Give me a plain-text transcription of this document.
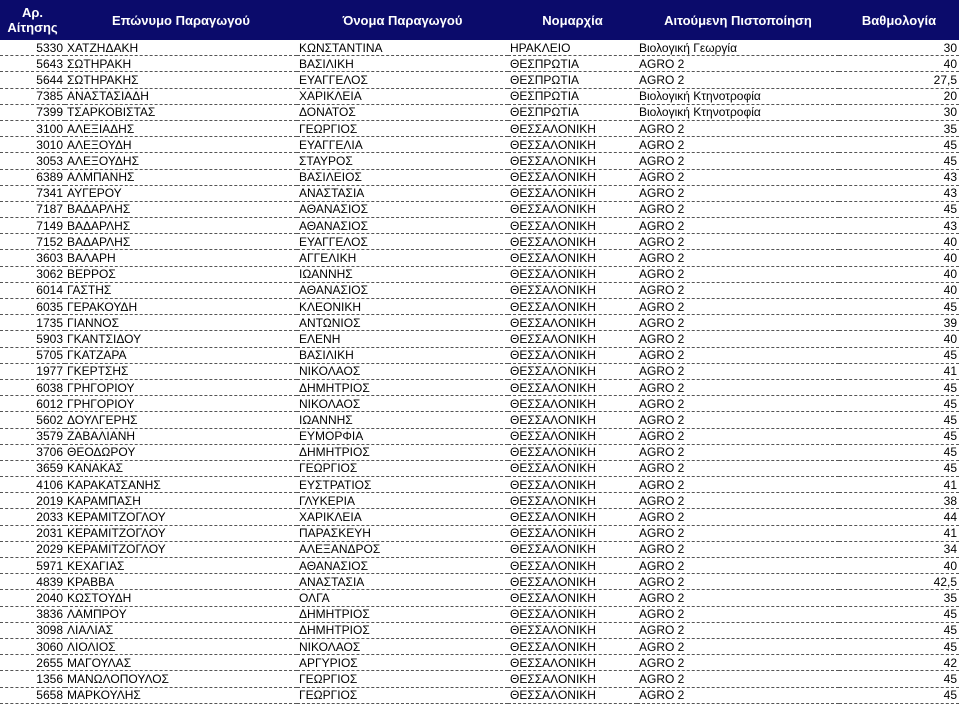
Αρ. Αίτησης	Επώνυμο Παραγωγού	Όνομα Παραγωγού	Νομαρχία	Αιτούμενη Πιστοποίηση	Βαθμολογία
5330	ΧΑΤΖΗΔΑΚΗ	ΚΩΝΣΤΑΝΤΙΝΑ	ΗΡΑΚΛΕΙΟ	Βιολογική Γεωργία	30
5643	ΣΩΤΗΡΑΚΗ	ΒΑΣΙΛΙΚΗ	ΘΕΣΠΡΩΤΙΑ	AGRO 2	40
5644	ΣΩΤΗΡΑΚΗΣ	ΕΥΑΓΓΕΛΟΣ	ΘΕΣΠΡΩΤΙΑ	AGRO 2	27,5
7385	ΑΝΑΣΤΑΣΙΑΔΗ	ΧΑΡΙΚΛΕΙΑ	ΘΕΣΠΡΩΤΙΑ	Βιολογική Κτηνοτροφία	20
7399	ΤΣΑΡΚΟΒΙΣΤΑΣ	ΔΟΝΑΤΟΣ	ΘΕΣΠΡΩΤΙΑ	Βιολογική Κτηνοτροφία	30
3100	ΑΛΕΞΙΑΔΗΣ	ΓΕΩΡΓΙΟΣ	ΘΕΣΣΑΛΟΝΙΚΗ	AGRO 2	35
3010	ΑΛΕΞΟΥΔΗ	ΕΥΑΓΓΕΛΙΑ	ΘΕΣΣΑΛΟΝΙΚΗ	AGRO 2	45
3053	ΑΛΕΞΟΥΔΗΣ	ΣΤΑΥΡΟΣ	ΘΕΣΣΑΛΟΝΙΚΗ	AGRO 2	45
6389	ΑΛΜΠΑΝΗΣ	ΒΑΣΙΛΕΙΟΣ	ΘΕΣΣΑΛΟΝΙΚΗ	AGRO 2	43
7341	ΑΥΓΕΡΟΥ	ΑΝΑΣΤΑΣΙΑ	ΘΕΣΣΑΛΟΝΙΚΗ	AGRO 2	43
7187	ΒΑΔΑΡΛΗΣ	ΑΘΑΝΑΣΙΟΣ	ΘΕΣΣΑΛΟΝΙΚΗ	AGRO 2	45
7149	ΒΑΔΑΡΛΗΣ	ΑΘΑΝΑΣΙΟΣ	ΘΕΣΣΑΛΟΝΙΚΗ	AGRO 2	43
7152	ΒΑΔΑΡΛΗΣ	ΕΥΑΓΓΕΛΟΣ	ΘΕΣΣΑΛΟΝΙΚΗ	AGRO 2	40
3603	ΒΑΛΑΡΗ	ΑΓΓΕΛΙΚΗ	ΘΕΣΣΑΛΟΝΙΚΗ	AGRO 2	40
3062	ΒΕΡΡΟΣ	ΙΩΑΝΝΗΣ	ΘΕΣΣΑΛΟΝΙΚΗ	AGRO 2	40
6014	ΓΑΣΤΗΣ	ΑΘΑΝΑΣΙΟΣ	ΘΕΣΣΑΛΟΝΙΚΗ	AGRO 2	40
6035	ΓΕΡΑΚΟΥΔΗ	ΚΛΕΟΝΙΚΗ	ΘΕΣΣΑΛΟΝΙΚΗ	AGRO 2	45
1735	ΓΙΑΝΝΟΣ	ΑΝΤΩΝΙΟΣ	ΘΕΣΣΑΛΟΝΙΚΗ	AGRO 2	39
5903	ΓΚΑΝΤΣΙΔΟΥ	ΕΛΕΝΗ	ΘΕΣΣΑΛΟΝΙΚΗ	AGRO 2	40
5705	ΓΚΑΤΖΑΡΑ	ΒΑΣΙΛΙΚΗ	ΘΕΣΣΑΛΟΝΙΚΗ	AGRO 2	45
1977	ΓΚΕΡΤΣΗΣ	ΝΙΚΟΛΑΟΣ	ΘΕΣΣΑΛΟΝΙΚΗ	AGRO 2	41
6038	ΓΡΗΓΟΡΙΟΥ	ΔΗΜΗΤΡΙΟΣ	ΘΕΣΣΑΛΟΝΙΚΗ	AGRO 2	45
6012	ΓΡΗΓΟΡΙΟΥ	ΝΙΚΟΛΑΟΣ	ΘΕΣΣΑΛΟΝΙΚΗ	AGRO 2	45
5602	ΔΟΥΛΓΕΡΗΣ	ΙΩΑΝΝΗΣ	ΘΕΣΣΑΛΟΝΙΚΗ	AGRO 2	45
3579	ΖΑΒΑΛΙΑΝΗ	ΕΥΜΟΡΦΙΑ	ΘΕΣΣΑΛΟΝΙΚΗ	AGRO 2	45
3706	ΘΕΟΔΩΡΟΥ	ΔΗΜΗΤΡΙΟΣ	ΘΕΣΣΑΛΟΝΙΚΗ	AGRO 2	45
3659	ΚΑΝΑΚΑΣ	ΓΕΩΡΓΙΟΣ	ΘΕΣΣΑΛΟΝΙΚΗ	AGRO 2	45
4106	ΚΑΡΑΚΑΤΣΑΝΗΣ	ΕΥΣΤΡΑΤΙΟΣ	ΘΕΣΣΑΛΟΝΙΚΗ	AGRO 2	41
2019	ΚΑΡΑΜΠΑΣΗ	ΓΛΥΚΕΡΙΑ	ΘΕΣΣΑΛΟΝΙΚΗ	AGRO 2	38
2033	ΚΕΡΑΜΙΤΖΟΓΛΟΥ	ΧΑΡΙΚΛΕΙΑ	ΘΕΣΣΑΛΟΝΙΚΗ	AGRO 2	44
2031	ΚΕΡΑΜΙΤΖΟΓΛΟΥ	ΠΑΡΑΣΚΕΥΗ	ΘΕΣΣΑΛΟΝΙΚΗ	AGRO 2	41
2029	ΚΕΡΑΜΙΤΖΟΓΛΟΥ	ΑΛΕΞΑΝΔΡΟΣ	ΘΕΣΣΑΛΟΝΙΚΗ	AGRO 2	34
5971	ΚΕΧΑΓΙΑΣ	ΑΘΑΝΑΣΙΟΣ	ΘΕΣΣΑΛΟΝΙΚΗ	AGRO 2	40
4839	ΚΡΑΒΒΑ	ΑΝΑΣΤΑΣΙΑ	ΘΕΣΣΑΛΟΝΙΚΗ	AGRO 2	42,5
2040	ΚΩΣΤΟΥΔΗ	ΟΛΓΑ	ΘΕΣΣΑΛΟΝΙΚΗ	AGRO 2	35
3836	ΛΑΜΠΡΟΥ	ΔΗΜΗΤΡΙΟΣ	ΘΕΣΣΑΛΟΝΙΚΗ	AGRO 2	45
3098	ΛΙΑΛΙΑΣ	ΔΗΜΗΤΡΙΟΣ	ΘΕΣΣΑΛΟΝΙΚΗ	AGRO 2	45
3060	ΛΙΟΛΙΟΣ	ΝΙΚΟΛΑΟΣ	ΘΕΣΣΑΛΟΝΙΚΗ	AGRO 2	45
2655	ΜΑΓΟΥΛΑΣ	ΑΡΓΥΡΙΟΣ	ΘΕΣΣΑΛΟΝΙΚΗ	AGRO 2	42
1356	ΜΑΝΩΛΟΠΟΥΛΟΣ	ΓΕΩΡΓΙΟΣ	ΘΕΣΣΑΛΟΝΙΚΗ	AGRO 2	45
5658	ΜΑΡΚΟΥΛΗΣ	ΓΕΩΡΓΙΟΣ	ΘΕΣΣΑΛΟΝΙΚΗ	AGRO 2	45
